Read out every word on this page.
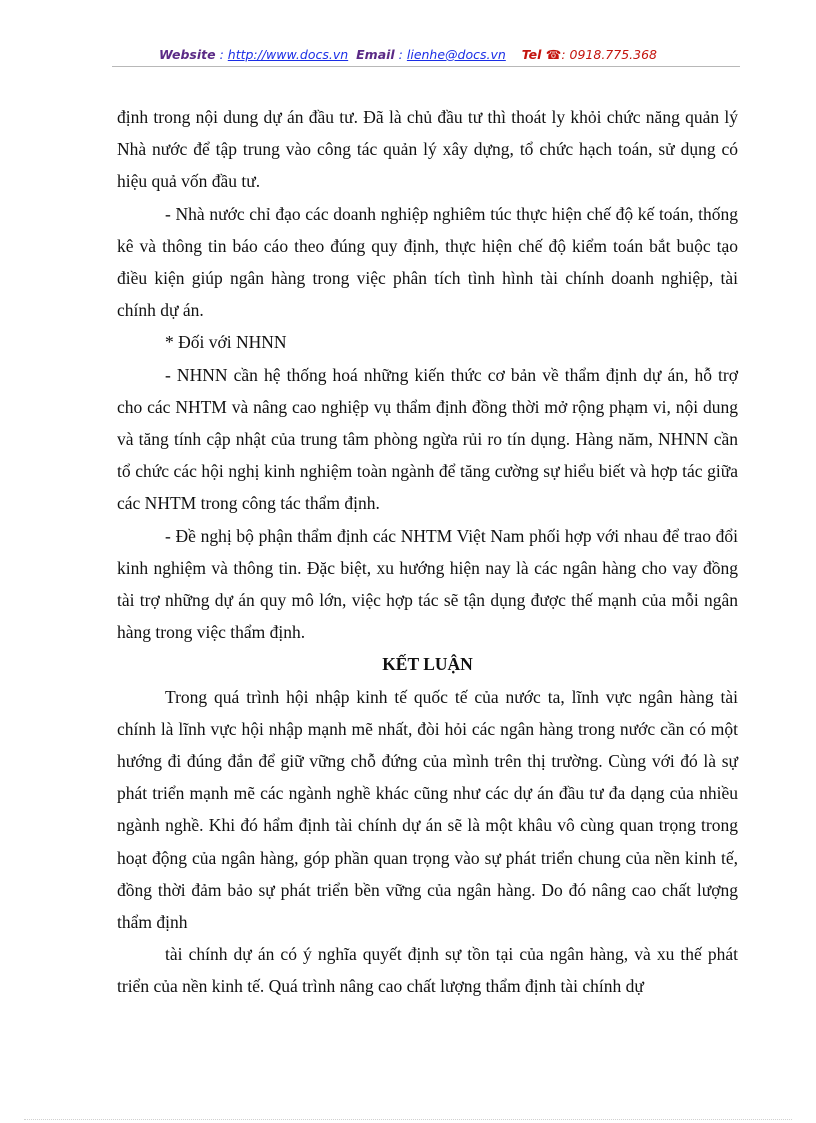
Website : http://www.docs.vn Email : lienhe@docs.vn Tel ☎: 0918.775.368

định trong nội dung dự án đầu tư. Đã là chủ đầu tư thì thoát ly khỏi chức năng quản lý Nhà nước để tập trung vào công tác quản lý xây dựng, tổ chức hạch toán, sử dụng có hiệu quả vốn đầu tư.

- Nhà nước chỉ đạo các doanh nghiệp nghiêm túc thực hiện chế độ kế toán, thống kê và thông tin báo cáo theo đúng quy định, thực hiện chế độ kiểm toán bắt buộc tạo điều kiện giúp ngân hàng trong việc phân tích tình hình tài chính doanh nghiệp, tài chính dự án.

* Đối với NHNN

- NHNN cần hệ thống hoá những kiến thức cơ bản về thẩm định dự án, hỗ trợ cho các NHTM và nâng cao nghiệp vụ thẩm định đồng thời mở rộng phạm vi, nội dung và tăng tính cập nhật của trung tâm phòng ngừa rủi ro tín dụng. Hàng năm, NHNN cần tổ chức các hội nghị kinh nghiệm toàn ngành để tăng cường sự hiểu biết và hợp tác giữa các NHTM trong công tác thẩm định.

- Đề nghị bộ phận thẩm định các NHTM Việt Nam phối hợp với nhau để trao đổi kinh nghiệm và thông tin. Đặc biệt, xu hướng hiện nay là các ngân hàng cho vay đồng tài trợ những dự án quy mô lớn, việc hợp tác sẽ tận dụng được thế mạnh của mỗi ngân hàng trong việc thẩm định.

KẾT LUẬN

Trong quá trình hội nhập kinh tế quốc tế của nước ta, lĩnh vực ngân hàng tài chính là lĩnh vực hội nhập mạnh mẽ nhất, đòi hỏi các ngân hàng trong nước cần có một hướng đi đúng đắn để giữ vững chỗ đứng của mình trên thị trường. Cùng với đó là sự phát triển mạnh mẽ các ngành nghề khác cũng như các dự án đầu tư đa dạng của nhiều ngành nghề. Khi đó hẩm định tài chính dự án sẽ là một khâu vô cùng quan trọng trong hoạt động của ngân hàng, góp phần quan trọng vào sự phát triển chung của nền kinh tế, đồng thời đảm bảo sự phát triển bền vững của ngân hàng. Do đó nâng cao chất lượng thẩm định

tài chính dự án có ý nghĩa quyết định sự tồn tại của ngân hàng, và xu thế phát triển của nền kinh tế. Quá trình nâng cao chất lượng thẩm định tài chính dự
